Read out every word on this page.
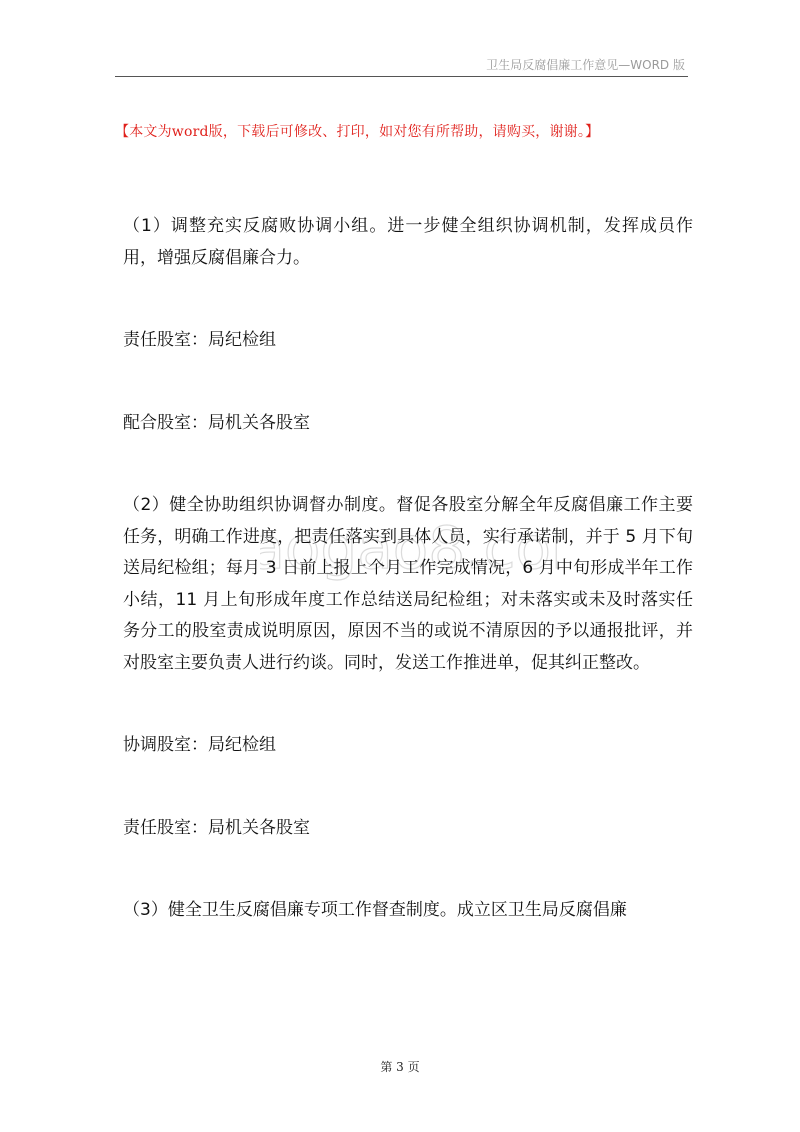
卫生局反腐倡廉工作意见—WORD 版
【本文为word版，下载后可修改、打印，如对您有所帮助，请购买，谢谢。】
aogao8.co

（1）调整充实反腐败协调小组。进一步健全组织协调机制，发挥成员作用，增强反腐倡廉合力。

责任股室：局纪检组

配合股室：局机关各股室

（2）健全协助组织协调督办制度。督促各股室分解全年反腐倡廉工作主要任务，明确工作进度，把责任落实到具体人员，实行承诺制，并于 5 月下旬送局纪检组；每月 3 日前上报上个月工作完成情况，6 月中旬形成半年工作小结，11 月上旬形成年度工作总结送局纪检组；对未落实或未及时落实任务分工的股室责成说明原因，原因不当的或说不清原因的予以通报批评，并对股室主要负责人进行约谈。同时，发送工作推进单，促其纠正整改。

协调股室：局纪检组

责任股室：局机关各股室

（3）健全卫生反腐倡廉专项工作督查制度。成立区卫生局反腐倡廉

第 3 页
